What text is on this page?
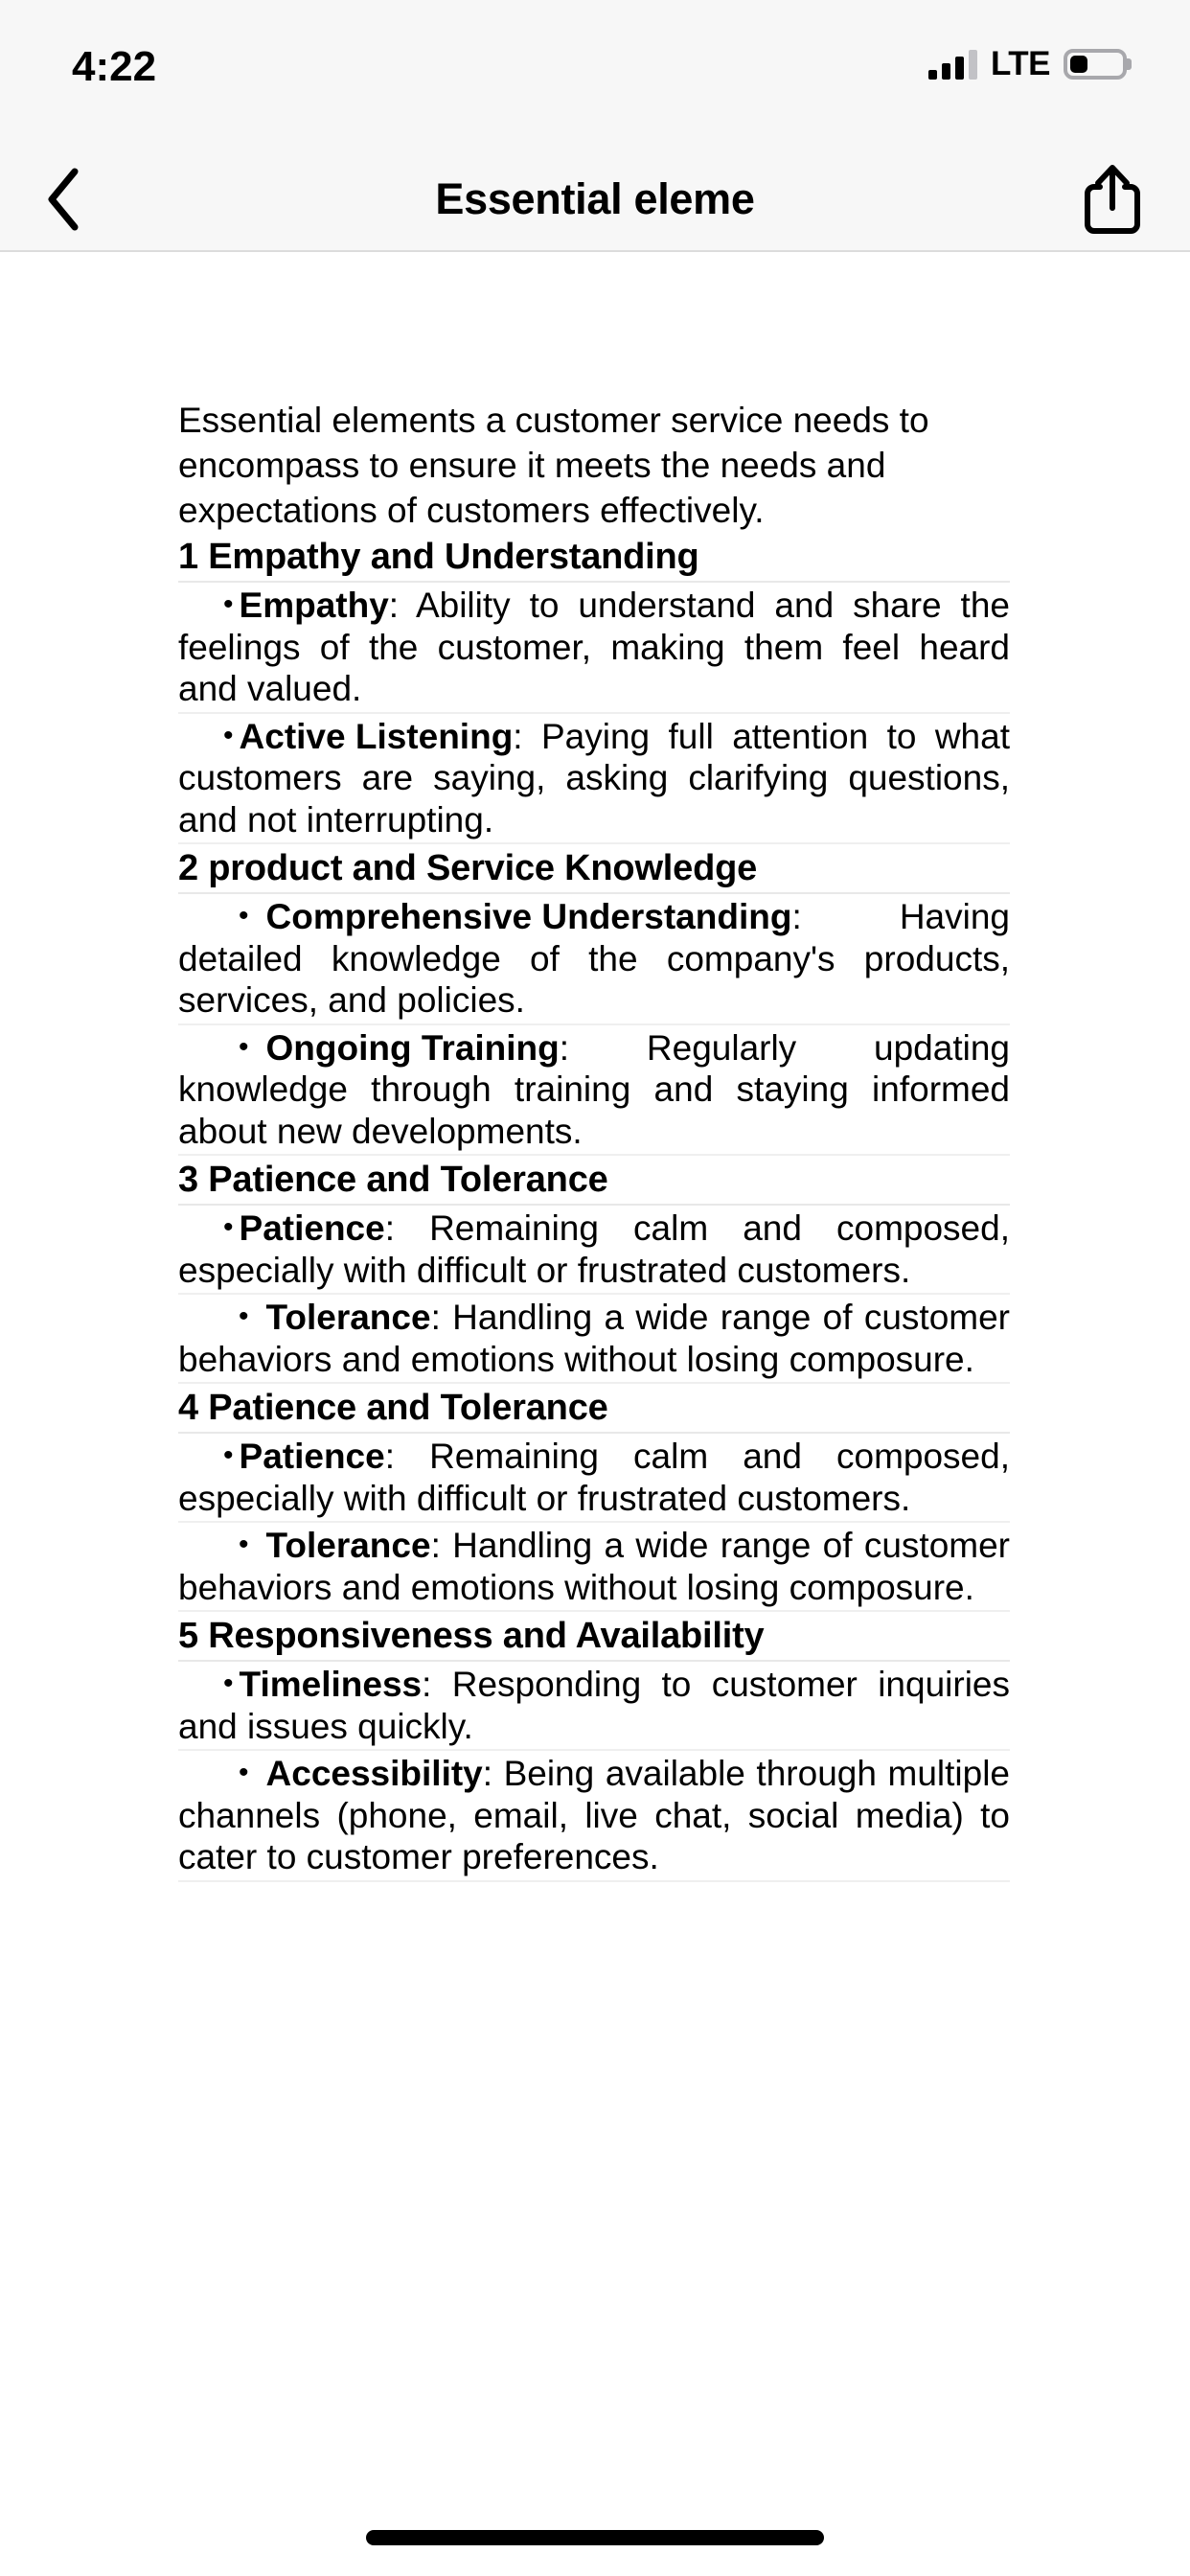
4:22	LTE
Essential eleme

Essential elements a customer service needs to encompass to ensure it meets the needs and expectations of customers effectively.

1 Empathy and Understanding
• Empathy: Ability to understand and share the feelings of the customer, making them feel heard and valued.
• Active Listening: Paying full attention to what customers are saying, asking clarifying questions, and not interrupting.
2 product and Service Knowledge
• Comprehensive Understanding: Having detailed knowledge of the company's products, services, and policies.
• Ongoing Training: Regularly updating knowledge through training and staying informed about new developments.
3 Patience and Tolerance
• Patience: Remaining calm and composed, especially with difficult or frustrated customers.
• Tolerance: Handling a wide range of customer behaviors and emotions without losing composure.
4 Patience and Tolerance
• Patience: Remaining calm and composed, especially with difficult or frustrated customers.
• Tolerance: Handling a wide range of customer behaviors and emotions without losing composure.
5 Responsiveness and Availability
• Timeliness: Responding to customer inquiries and issues quickly.
• Accessibility: Being available through multiple channels (phone, email, live chat, social media) to cater to customer preferences.
